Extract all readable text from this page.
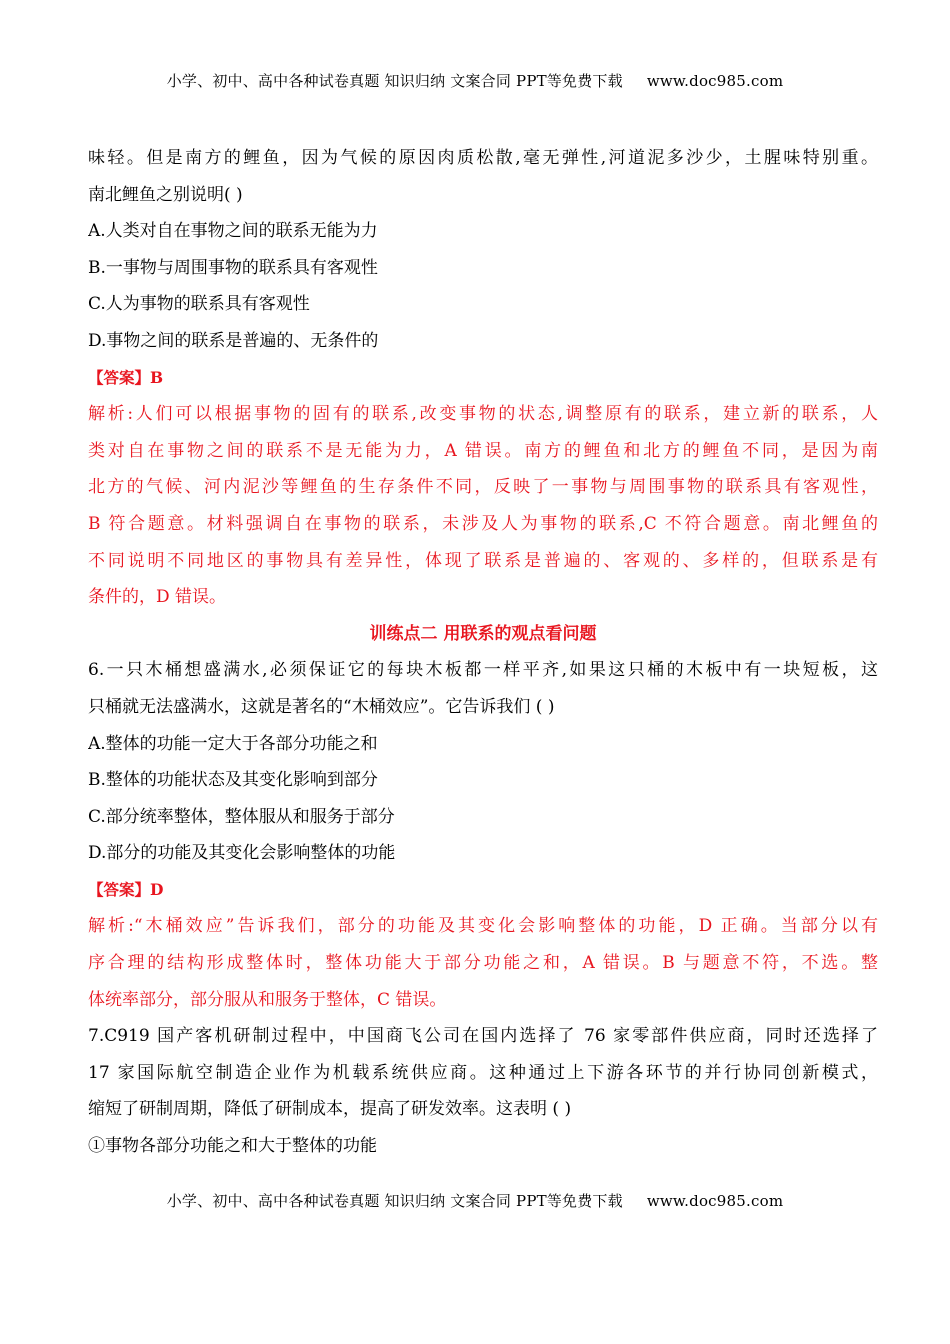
小学、初中、高中各种试卷真题 知识归纳 文案合同 PPT等免费下载 www.doc985.com
味轻。但是南方的鲤鱼，因为气候的原因肉质松散,毫无弹性,河道泥多沙少，土腥味特别重。
南北鲤鱼之别说明( )
A.人类对自在事物之间的联系无能为力
B.一事物与周围事物的联系具有客观性
C.人为事物的联系具有客观性
D.事物之间的联系是普遍的、无条件的
【答案】B
解析:人们可以根据事物的固有的联系,改变事物的状态,调整原有的联系，建立新的联系，人
类对自在事物之间的联系不是无能为力，A 错误。南方的鲤鱼和北方的鲤鱼不同，是因为南
北方的气候、河内泥沙等鲤鱼的生存条件不同，反映了一事物与周围事物的联系具有客观性，
B 符合题意。材料强调自在事物的联系，未涉及人为事物的联系,C 不符合题意。南北鲤鱼的
不同说明不同地区的事物具有差异性，体现了联系是普遍的、客观的、多样的，但联系是有
条件的，D 错误。
训练点二 用联系的观点看问题
6.一只木桶想盛满水,必须保证它的每块木板都一样平齐,如果这只桶的木板中有一块短板，这
只桶就无法盛满水，这就是著名的“木桶效应”。它告诉我们 ( )
A.整体的功能一定大于各部分功能之和
B.整体的功能状态及其变化影响到部分
C.部分统率整体，整体服从和服务于部分
D.部分的功能及其变化会影响整体的功能
【答案】D
解析:“木桶效应”告诉我们，部分的功能及其变化会影响整体的功能，D 正确。当部分以有
序合理的结构形成整体时，整体功能大于部分功能之和，A 错误。B 与题意不符，不选。整
体统率部分，部分服从和服务于整体，C 错误。
7.C919 国产客机研制过程中，中国商飞公司在国内选择了 76 家零部件供应商，同时还选择了
17 家国际航空制造企业作为机载系统供应商。这种通过上下游各环节的并行协同创新模式，
缩短了研制周期，降低了研制成本，提高了研发效率。这表明 ( )
①事物各部分功能之和大于整体的功能
小学、初中、高中各种试卷真题 知识归纳 文案合同 PPT等免费下载 www.doc985.com
